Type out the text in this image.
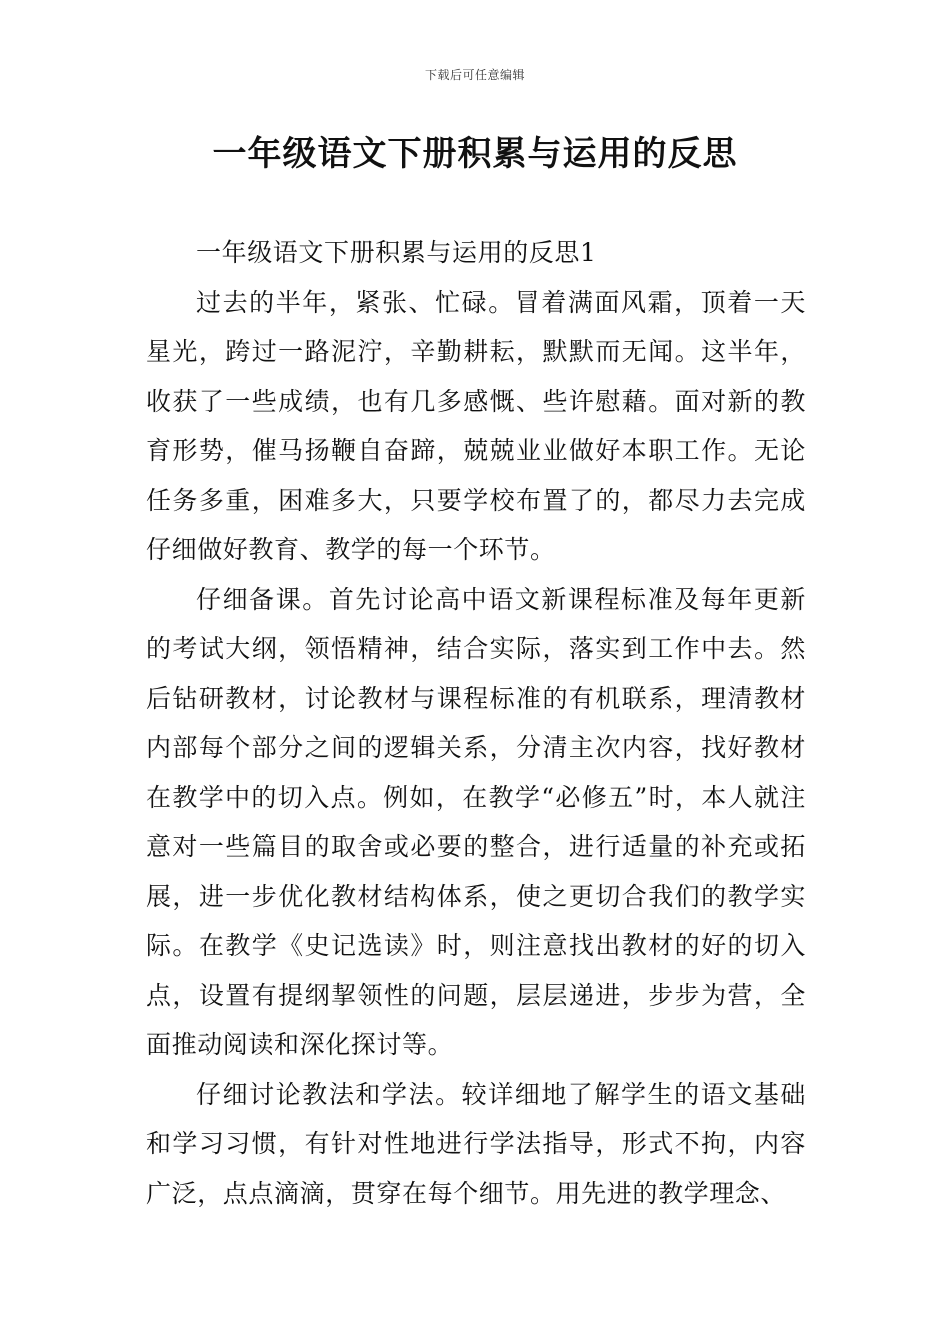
下载后可任意编辑
一年级语文下册积累与运用的反思

一年级语文下册积累与运用的反思1

过去的半年，紧张、忙碌。冒着满面风霜，顶着一天星光，跨过一路泥泞，辛勤耕耘，默默而无闻。这半年，收获了一些成绩，也有几多感慨、些许慰藉。面对新的教育形势，催马扬鞭自奋蹄，兢兢业业做好本职工作。无论任务多重，困难多大，只要学校布置了的，都尽力去完成仔细做好教育、教学的每一个环节。

仔细备课。首先讨论高中语文新课程标准及每年更新的考试大纲，领悟精神，结合实际，落实到工作中去。然后钻研教材，讨论教材与课程标准的有机联系，理清教材内部每个部分之间的逻辑关系，分清主次内容，找好教材在教学中的切入点。例如，在教学“必修五”时，本人就注意对一些篇目的取舍或必要的整合，进行适量的补充或拓展，进一步优化教材结构体系，使之更切合我们的教学实际。在教学《史记选读》时，则注意找出教材的好的切入点，设置有提纲挈领性的问题，层层递进，步步为营，全面推动阅读和深化探讨等。

仔细讨论教法和学法。较详细地了解学生的语文基础和学习习惯，有针对性地进行学法指导，形式不拘，内容广泛，点点滴滴，贯穿在每个细节。用先进的教学理念、
